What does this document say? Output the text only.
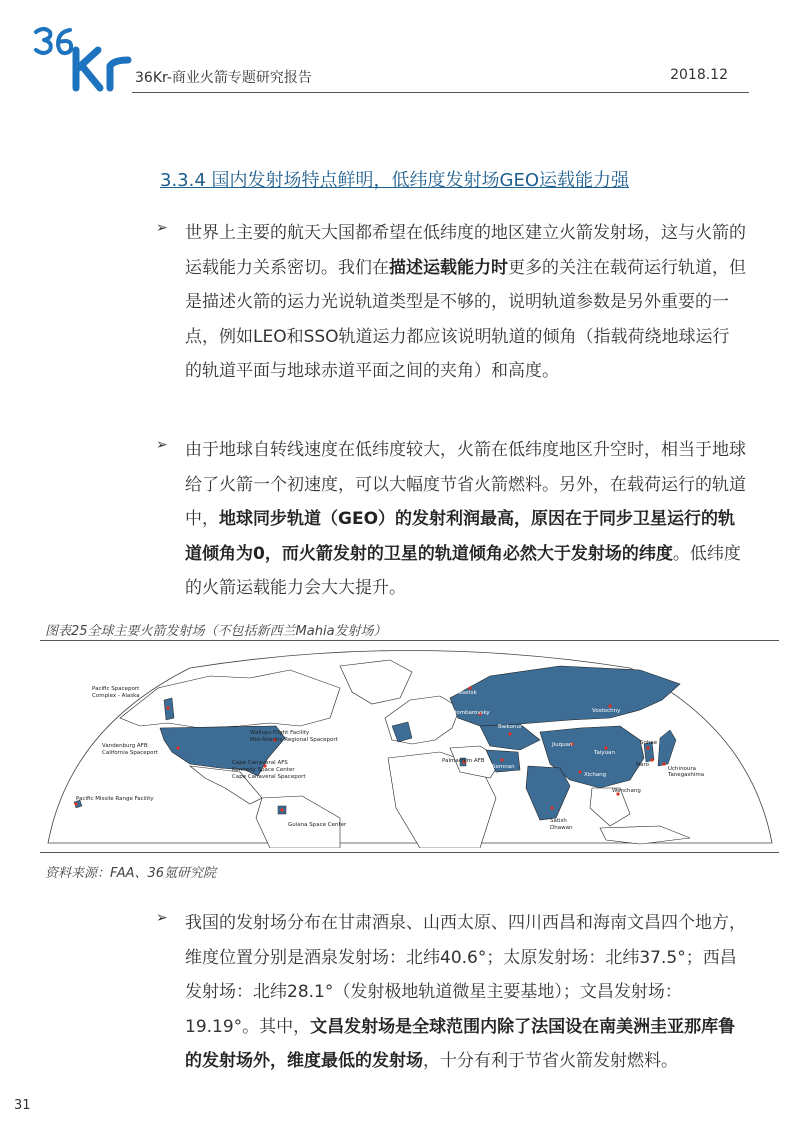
36Kr-商业火箭专题研究报告	2018.12
3.3.4 国内发射场特点鲜明，低纬度发射场GEO运载能力强
➢ 世界上主要的航天大国都希望在低纬度的地区建立火箭发射场，这与火箭的运载能力关系密切。我们在描述运载能力时更多的关注在载荷运行轨道，但是描述火箭的运力光说轨道类型是不够的，说明轨道参数是另外重要的一点，例如LEO和SSO轨道运力都应该说明轨道的倾角（指载荷绕地球运行的轨道平面与地球赤道平面之间的夹角）和高度。
➢ 由于地球自转线速度在低纬度较大，火箭在低纬度地区升空时，相当于地球给了火箭一个初速度，可以大幅度节省火箭燃料。另外，在载荷运行的轨道中，地球同步轨道（GEO）的发射利润最高，原因在于同步卫星运行的轨道倾角为0，而火箭发射的卫星的轨道倾角必然大于发射场的纬度。低纬度的火箭运载能力会大大提升。
图表25全球主要火箭发射场（不包括新西兰Mahia发射场）
Pacific Spaceport
Complex - Alaska
Vandenburg AFB
California Spaceport
Wallops Flight Facility
Mid-Atlantic Regional Spaceport
Cape Canaveral AFS
Kennedy Space Center
Cape Canaveral Spaceport
Pacific Missile Range Facility
Guiana Space Center
Palmachim AFB
Plesetsk
Dombarovsky
Baikonur
Vostochny
Semnan
Jiuquan
Taiyuan
Sohae
Naro
Uchinoura
Tanegashima
Xichang
Wenchang
Satish
Dhawan
资料来源：FAA、36氪研究院
➢ 我国的发射场分布在甘肃酒泉、山西太原、四川西昌和海南文昌四个地方，维度位置分别是酒泉发射场：北纬40.6°；太原发射场：北纬37.5°；西昌发射场：北纬28.1°（发射极地轨道微星主要基地）；文昌发射场：19.19°。其中，文昌发射场是全球范围内除了法国设在南美洲圭亚那库鲁的发射场外，维度最低的发射场，十分有利于节省火箭发射燃料。
31
